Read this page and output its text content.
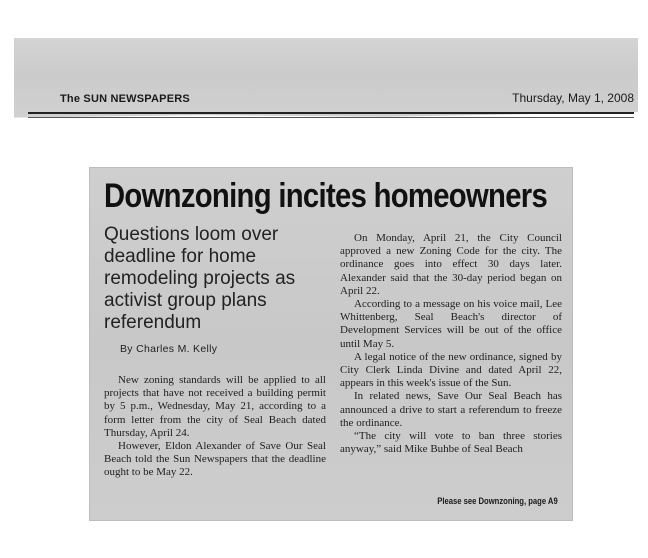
The SUN NEWSPAPERS	Thursday, May 1, 2008
Downzoning incites homeowners
Questions loom over deadline for home remodeling projects as activist group plans referendum
By Charles M. Kelly

New zoning standards will be applied to all projects that have not received a building permit by 5 p.m., Wednesday, May 21, according to a form letter from the city of Seal Beach dated Thursday, April 24.

However, Eldon Alexander of Save Our Seal Beach told the Sun Newspapers that the deadline ought to be May 22.

On Monday, April 21, the City Council approved a new Zoning Code for the city. The ordinance goes into effect 30 days later. Alexander said that the 30-day period began on April 22.

According to a message on his voice mail, Lee Whittenberg, Seal Beach's director of Development Services will be out of the office until May 5.

A legal notice of the new ordinance, signed by City Clerk Linda Divine and dated April 22, appears in this week's issue of the Sun.

In related news, Save Our Seal Beach has announced a drive to start a referendum to freeze the ordinance.

“The city will vote to ban three stories anyway,” said Mike Buhbe of Seal Beach

Please see Downzoning, page A9
